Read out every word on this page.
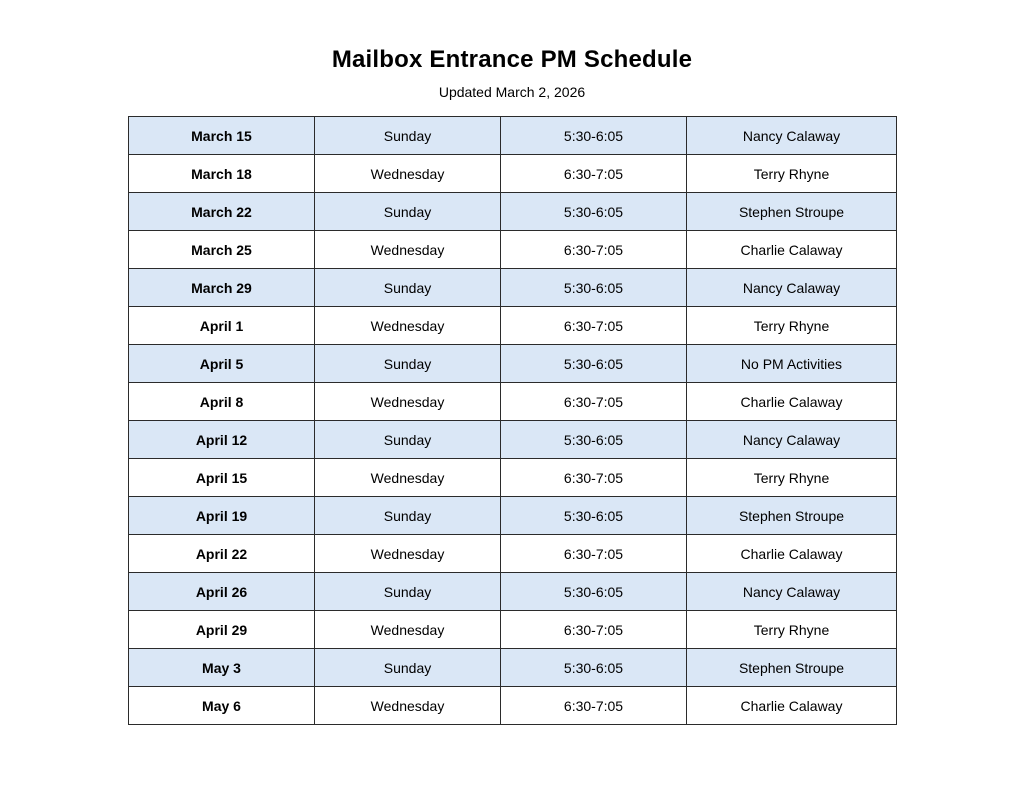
Mailbox Entrance PM Schedule
Updated March 2, 2026
March 15	Sunday	5:30-6:05	Nancy Calaway
March 18	Wednesday	6:30-7:05	Terry Rhyne
March 22	Sunday	5:30-6:05	Stephen Stroupe
March 25	Wednesday	6:30-7:05	Charlie Calaway
March 29	Sunday	5:30-6:05	Nancy Calaway
April 1	Wednesday	6:30-7:05	Terry Rhyne
April 5	Sunday	5:30-6:05	No PM Activities
April 8	Wednesday	6:30-7:05	Charlie Calaway
April 12	Sunday	5:30-6:05	Nancy Calaway
April 15	Wednesday	6:30-7:05	Terry Rhyne
April 19	Sunday	5:30-6:05	Stephen Stroupe
April 22	Wednesday	6:30-7:05	Charlie Calaway
April 26	Sunday	5:30-6:05	Nancy Calaway
April 29	Wednesday	6:30-7:05	Terry Rhyne
May 3	Sunday	5:30-6:05	Stephen Stroupe
May 6	Wednesday	6:30-7:05	Charlie Calaway
